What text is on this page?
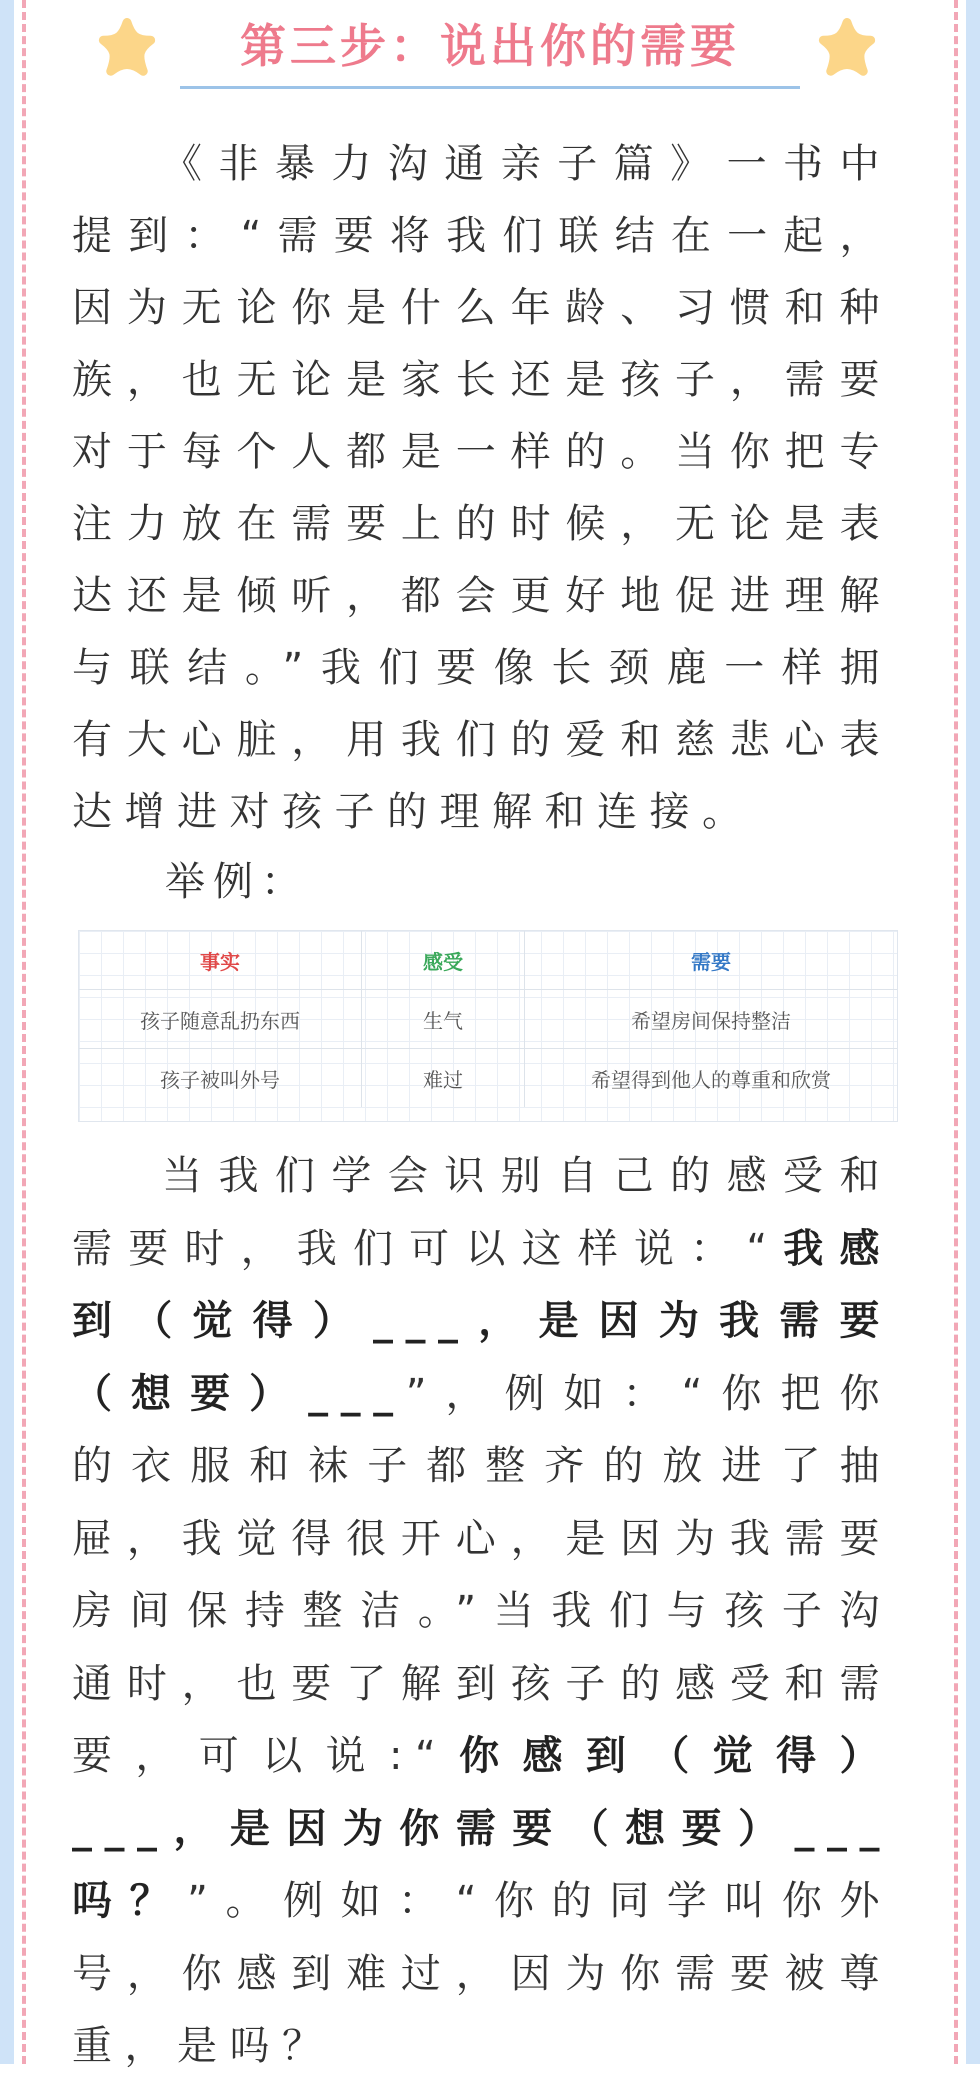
第三步：说出你的需要
《非暴力沟通亲子篇》一书中
提到：“需要将我们联结在一起，
因为无论你是什么年龄、习惯和种
族，也无论是家长还是孩子，需要
对于每个人都是一样的。当你把专
注力放在需要上的时候，无论是表
达还是倾听，都会更好地促进理解
与联结。”我们要像长颈鹿一样拥
有大心脏，用我们的爱和慈悲心表
达增进对孩子的理解和连接。
举例：
事实	感受	需要
孩子随意乱扔东西	生气	希望房间保持整洁
孩子被叫外号	难过	希望得到他人的尊重和欣赏
当我们学会识别自己的感受和
需要时，我们可以这样说：“我感
到（觉得）___，是因为我需要
（想要）___”，例如：“你把你
的衣服和袜子都整齐的放进了抽
屉，我觉得很开心，是因为我需要
房间保持整洁。”当我们与孩子沟
通时，也要了解到孩子的感受和需
要，可以说:“你感到（觉得）
___，是因为你需要（想要）___
吗？”。例如：“你的同学叫你外
号，你感到难过，因为你需要被尊
重，是吗？
